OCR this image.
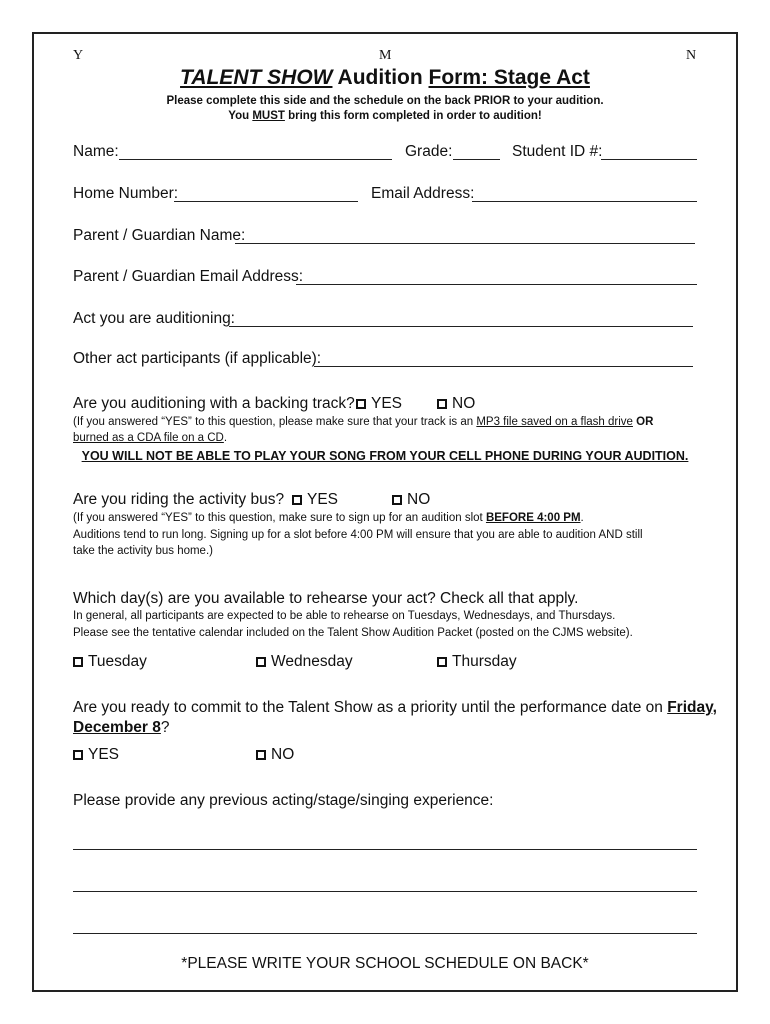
Y	M	N
TALENT SHOW Audition Form: Stage Act
Please complete this side and the schedule on the back PRIOR to your audition.
You MUST bring this form completed in order to audition!
Name:	Grade:	Student ID #:
Home Number:	Email Address:
Parent / Guardian Name:
Parent / Guardian Email Address:
Act you are auditioning:
Other act participants (if applicable):
Are you auditioning with a backing track?	YES	NO
(If you answered “YES” to this question, please make sure that your track is an MP3 file saved on a flash drive OR
burned as a CDA file on a CD.
YOU WILL NOT BE ABLE TO PLAY YOUR SONG FROM YOUR CELL PHONE DURING YOUR AUDITION.
Are you riding the activity bus?	YES	NO
(If you answered “YES” to this question, make sure to sign up for an audition slot BEFORE 4:00 PM.
Auditions tend to run long. Signing up for a slot before 4:00 PM will ensure that you are able to audition AND still
take the activity bus home.)
Which day(s) are you available to rehearse your act? Check all that apply.
In general, all participants are expected to be able to rehearse on Tuesdays, Wednesdays, and Thursdays.
Please see the tentative calendar included on the Talent Show Audition Packet (posted on the CJMS website).
Tuesday	Wednesday	Thursday
Are you ready to commit to the Talent Show as a priority until the performance date on Friday,
December 8?
YES	NO
Please provide any previous acting/stage/singing experience:
*PLEASE WRITE YOUR SCHOOL SCHEDULE ON BACK*
